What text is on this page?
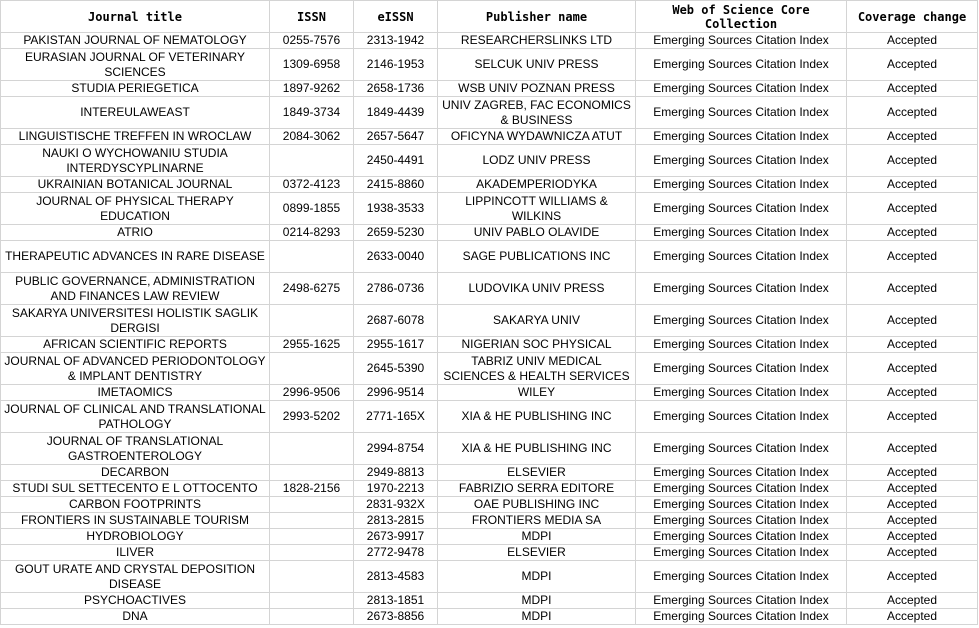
Journal title	ISSN	eISSN	Publisher name	Web of Science Core Collection	Coverage change
PAKISTAN JOURNAL OF NEMATOLOGY	0255-7576	2313-1942	RESEARCHERSLINKS LTD	Emerging Sources Citation Index	Accepted
EURASIAN JOURNAL OF VETERINARY SCIENCES	1309-6958	2146-1953	SELCUK UNIV PRESS	Emerging Sources Citation Index	Accepted
STUDIA PERIEGETICA	1897-9262	2658-1736	WSB UNIV POZNAN PRESS	Emerging Sources Citation Index	Accepted
INTEREULAWEAST	1849-3734	1849-4439	UNIV ZAGREB, FAC ECONOMICS & BUSINESS	Emerging Sources Citation Index	Accepted
LINGUISTISCHE TREFFEN IN WROCLAW	2084-3062	2657-5647	OFICYNA WYDAWNICZA ATUT	Emerging Sources Citation Index	Accepted
NAUKI O WYCHOWANIU STUDIA INTERDYSCYPLINARNE		2450-4491	LODZ UNIV PRESS	Emerging Sources Citation Index	Accepted
UKRAINIAN BOTANICAL JOURNAL	0372-4123	2415-8860	AKADEMPERIODYKA	Emerging Sources Citation Index	Accepted
JOURNAL OF PHYSICAL THERAPY EDUCATION	0899-1855	1938-3533	LIPPINCOTT WILLIAMS & WILKINS	Emerging Sources Citation Index	Accepted
ATRIO	0214-8293	2659-5230	UNIV PABLO OLAVIDE	Emerging Sources Citation Index	Accepted
THERAPEUTIC ADVANCES IN RARE DISEASE		2633-0040	SAGE PUBLICATIONS INC	Emerging Sources Citation Index	Accepted
PUBLIC GOVERNANCE, ADMINISTRATION AND FINANCES LAW REVIEW	2498-6275	2786-0736	LUDOVIKA UNIV PRESS	Emerging Sources Citation Index	Accepted
SAKARYA UNIVERSITESI HOLISTIK SAGLIK DERGISI		2687-6078	SAKARYA UNIV	Emerging Sources Citation Index	Accepted
AFRICAN SCIENTIFIC REPORTS	2955-1625	2955-1617	NIGERIAN SOC PHYSICAL	Emerging Sources Citation Index	Accepted
JOURNAL OF ADVANCED PERIODONTOLOGY & IMPLANT DENTISTRY		2645-5390	TABRIZ UNIV MEDICAL SCIENCES & HEALTH SERVICES	Emerging Sources Citation Index	Accepted
IMETAOMICS	2996-9506	2996-9514	WILEY	Emerging Sources Citation Index	Accepted
JOURNAL OF CLINICAL AND TRANSLATIONAL PATHOLOGY	2993-5202	2771-165X	XIA & HE PUBLISHING INC	Emerging Sources Citation Index	Accepted
JOURNAL OF TRANSLATIONAL GASTROENTEROLOGY		2994-8754	XIA & HE PUBLISHING INC	Emerging Sources Citation Index	Accepted
DECARBON		2949-8813	ELSEVIER	Emerging Sources Citation Index	Accepted
STUDI SUL SETTECENTO E L OTTOCENTO	1828-2156	1970-2213	FABRIZIO SERRA EDITORE	Emerging Sources Citation Index	Accepted
CARBON FOOTPRINTS		2831-932X	OAE PUBLISHING INC	Emerging Sources Citation Index	Accepted
FRONTIERS IN SUSTAINABLE TOURISM		2813-2815	FRONTIERS MEDIA SA	Emerging Sources Citation Index	Accepted
HYDROBIOLOGY		2673-9917	MDPI	Emerging Sources Citation Index	Accepted
ILIVER		2772-9478	ELSEVIER	Emerging Sources Citation Index	Accepted
GOUT URATE AND CRYSTAL DEPOSITION DISEASE		2813-4583	MDPI	Emerging Sources Citation Index	Accepted
PSYCHOACTIVES		2813-1851	MDPI	Emerging Sources Citation Index	Accepted
DNA		2673-8856	MDPI	Emerging Sources Citation Index	Accepted
